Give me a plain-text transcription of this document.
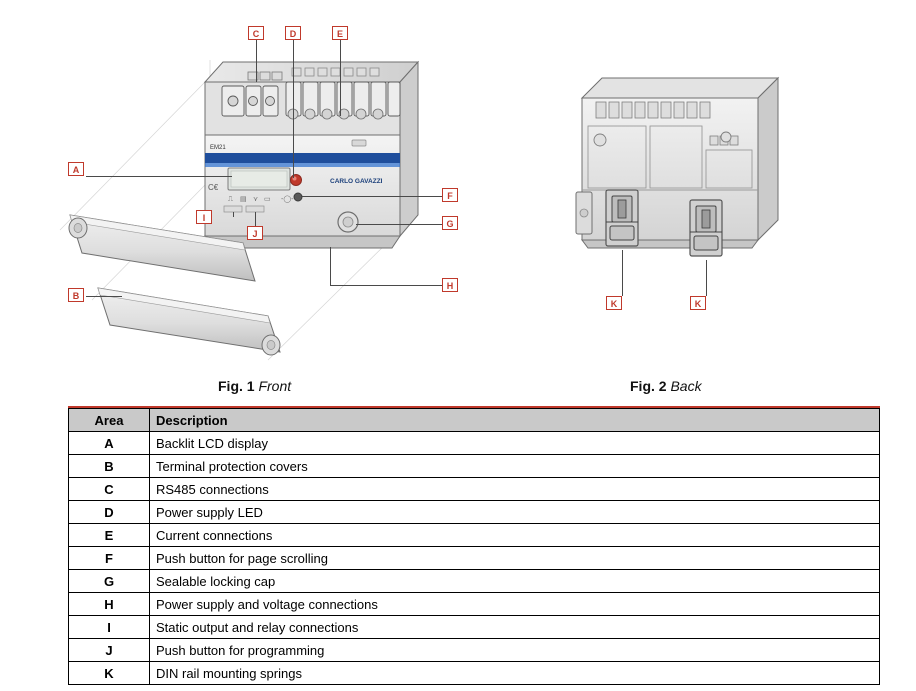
EM21
CARLO GAVAZZI
C€
⎍ ▤ ⋎ ▭ -◯-
C	D	E
A
F
G
H
B
I
J
K	K
Fig. 1 Front	Fig. 2 Back
Area	Description
A	Backlit LCD display
B	Terminal protection covers
C	RS485 connections
D	Power supply LED
E	Current connections
F	Push button for page scrolling
G	Sealable locking cap
H	Power supply and voltage connections
I	Static output and relay connections
J	Push button for programming
K	DIN rail mounting springs
